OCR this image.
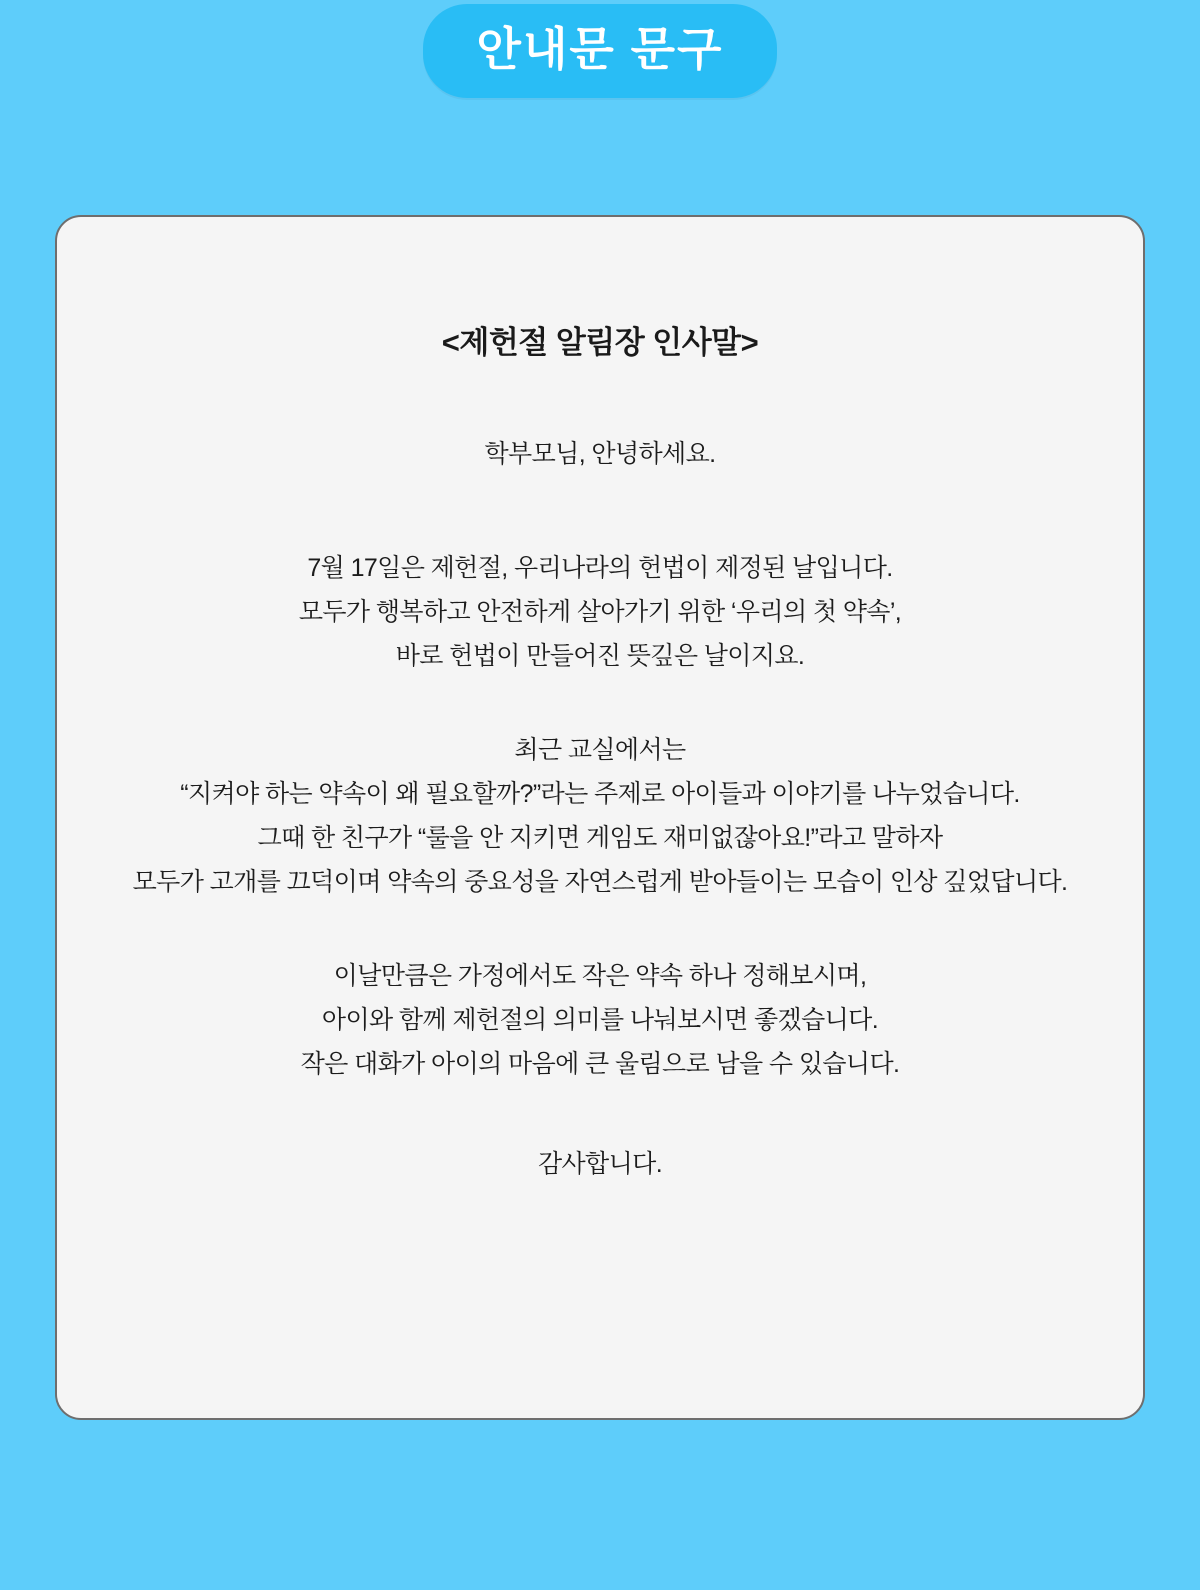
안내문 문구
<제헌절 알림장 인사말>
학부모님, 안녕하세요.
7월 17일은 제헌절, 우리나라의 헌법이 제정된 날입니다.
모두가 행복하고 안전하게 살아가기 위한 ‘우리의 첫 약속’,
바로 헌법이 만들어진 뜻깊은 날이지요.
최근 교실에서는
“지켜야 하는 약속이 왜 필요할까?”라는 주제로 아이들과 이야기를 나누었습니다.
그때 한 친구가 “룰을 안 지키면 게임도 재미없잖아요!”라고 말하자
모두가 고개를 끄덕이며 약속의 중요성을 자연스럽게 받아들이는 모습이 인상 깊었답니다.
이날만큼은 가정에서도 작은 약속 하나 정해보시며,
아이와 함께 제헌절의 의미를 나눠보시면 좋겠습니다.
작은 대화가 아이의 마음에 큰 울림으로 남을 수 있습니다.
감사합니다.
